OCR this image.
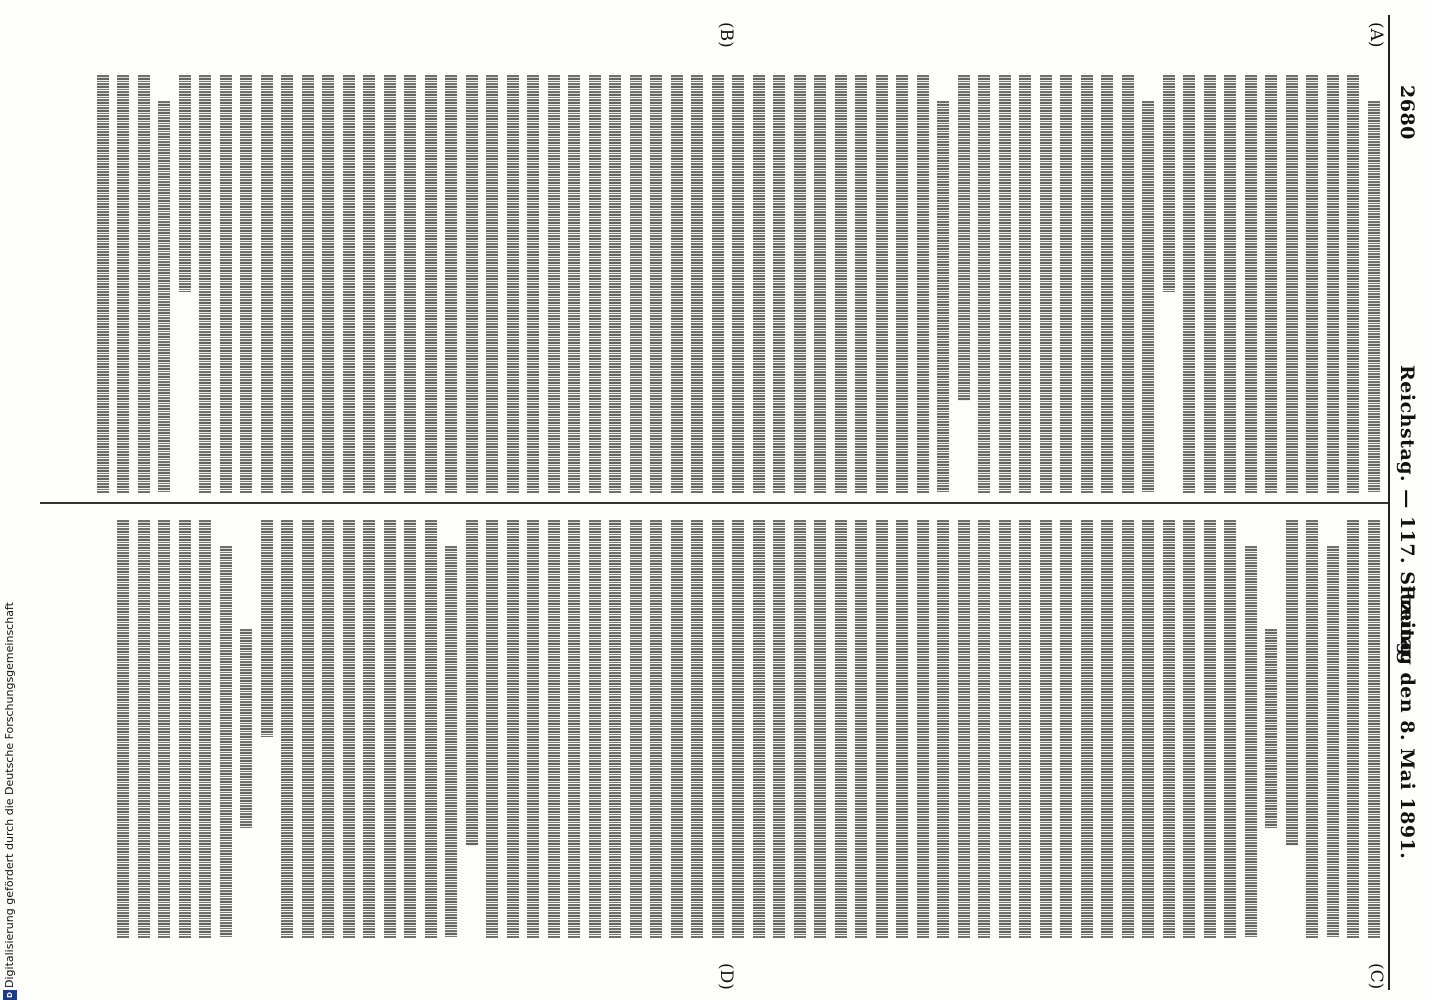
2680
Reichstag. — 117. Sitzung.
Freitag den 8. Mai 1891.
(A)
(B)
(C)
(D)
D
Digitalisierung gefördert durch die Deutsche Forschungsgemeinschaft
